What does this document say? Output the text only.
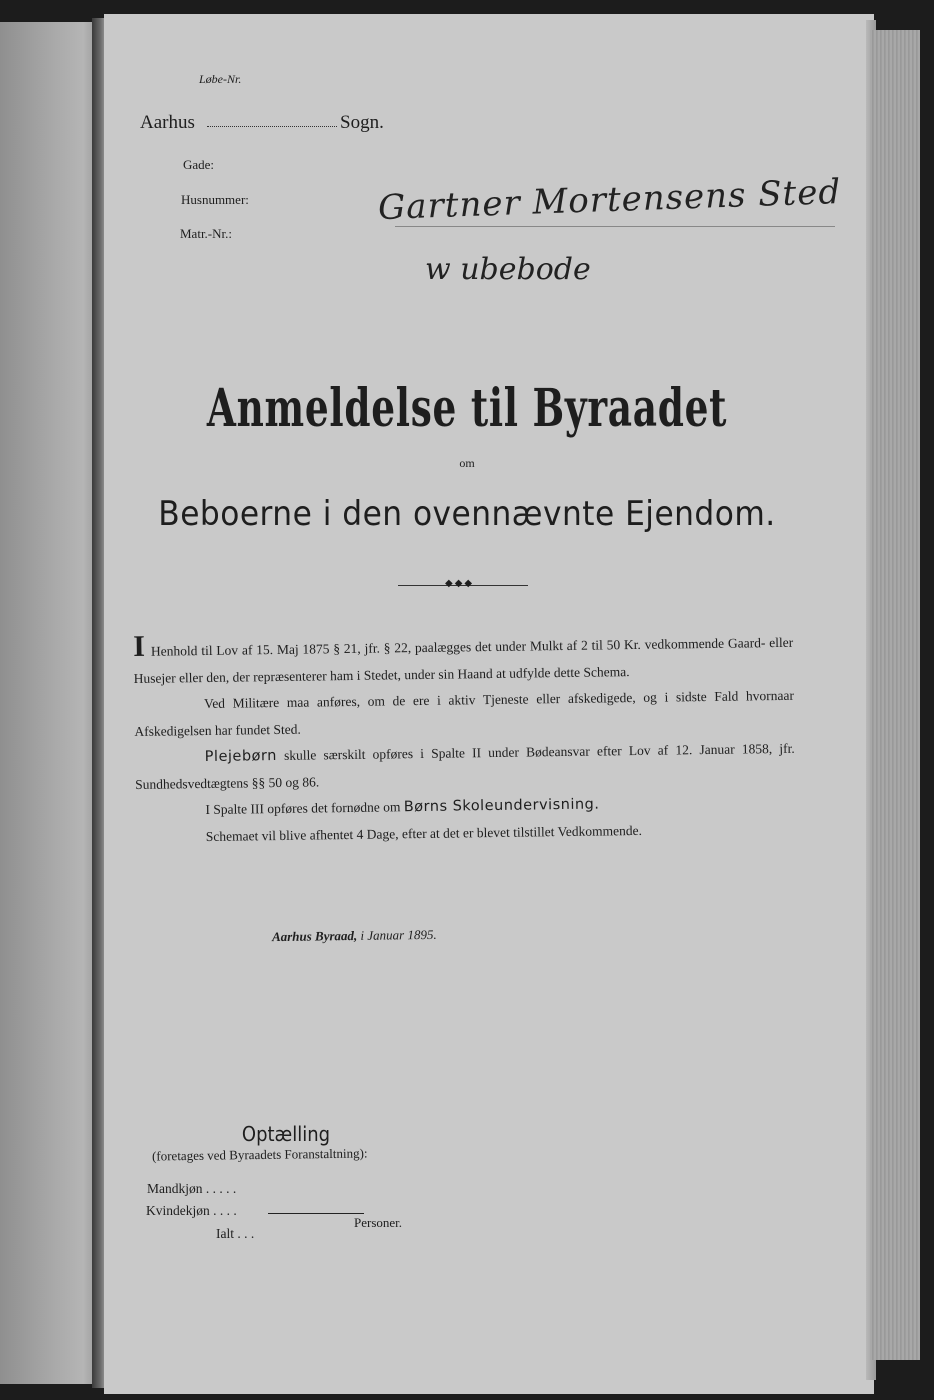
Løbe-Nr.
Aarhus	Sogn.
Gade:
Husnummer:
Matr.-Nr.:
Gartner Mortensens Sted
w ubebode
Anmeldelse til Byraadet
om
Beboerne i den ovennævnte Ejendom.
◆◆◆

I Henhold til Lov af 15. Maj 1875 § 21, jfr. § 22, paalægges det under Mulkt af 2 til 50 Kr. vedkommende Gaard- eller Husejer eller den, der repræsenterer ham i Stedet, under sin Haand at udfylde dette Schema.

Ved Militære maa anføres, om de ere i aktiv Tjeneste eller afskedigede, og i sidste Fald hvornaar Afskedigelsen har fundet Sted.

Plejebørn skulle særskilt opføres i Spalte II under Bødeansvar efter Lov af 12. Januar 1858, jfr. Sundhedsvedtægtens §§ 50 og 86.

I Spalte III opføres det fornødne om Børns Skoleundervisning.

Schemaet vil blive afhentet 4 Dage, efter at det er blevet tilstillet Vedkommende.

Aarhus Byraad, i Januar 1895.
Optælling
(foretages ved Byraadets Foranstaltning):
Mandkjøn . . . . .
Kvindekjøn . . . .
Ialt . . .
Personer.
